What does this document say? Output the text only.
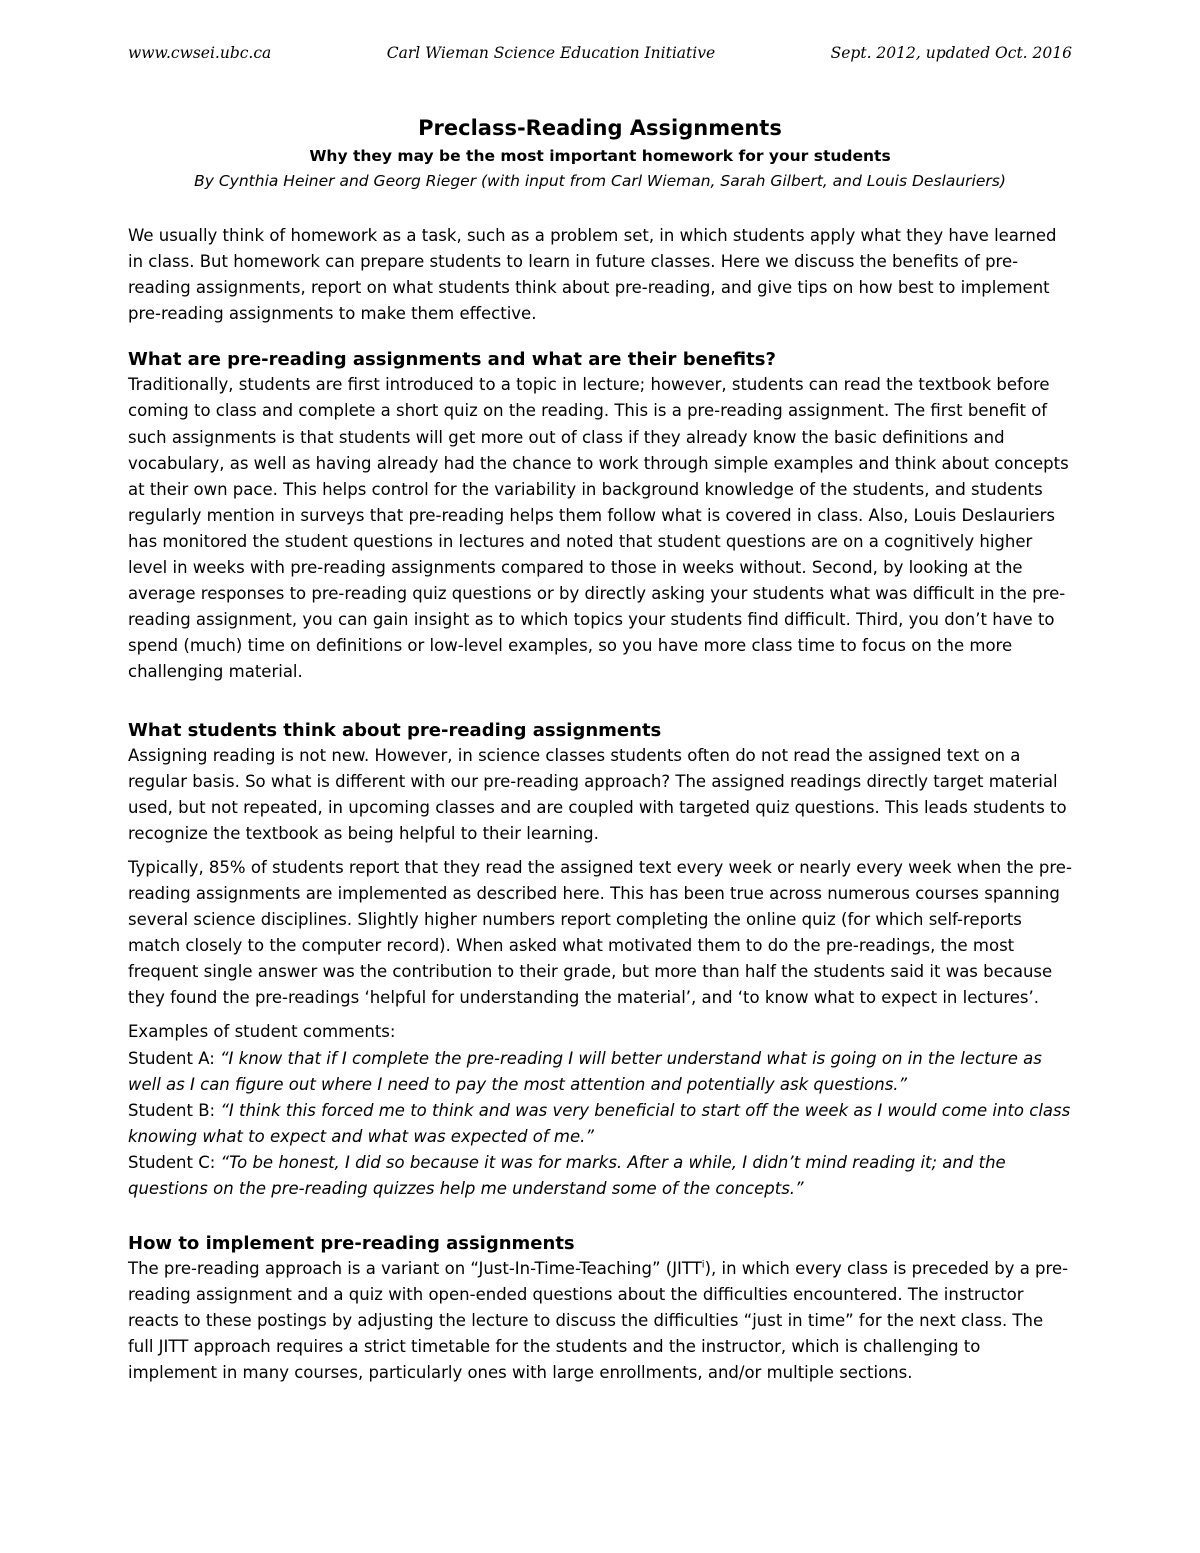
www.cwsei.ubc.ca	Carl Wieman Science Education Initiative	Sept. 2012, updated Oct. 2016
Preclass-Reading Assignments
Why they may be the most important homework for your students
By Cynthia Heiner and Georg Rieger (with input from Carl Wieman, Sarah Gilbert, and Louis Deslauriers)

We usually think of homework as a task, such as a problem set, in which students apply what they have learned in class. But homework can prepare students to learn in future classes. Here we discuss the benefits of pre-reading assignments, report on what students think about pre-reading, and give tips on how best to implement pre-reading assignments to make them effective.

What are pre-reading assignments and what are their benefits?

Traditionally, students are first introduced to a topic in lecture; however, students can read the textbook before coming to class and complete a short quiz on the reading. This is a pre-reading assignment. The first benefit of such assignments is that students will get more out of class if they already know the basic definitions and vocabulary, as well as having already had the chance to work through simple examples and think about concepts at their own pace. This helps control for the variability in background knowledge of the students, and students regularly mention in surveys that pre-reading helps them follow what is covered in class. Also, Louis Deslauriers has monitored the student questions in lectures and noted that student questions are on a cognitively higher level in weeks with pre-reading assignments compared to those in weeks without. Second, by looking at the average responses to pre-reading quiz questions or by directly asking your students what was difficult in the pre-reading assignment, you can gain insight as to which topics your students find difficult. Third, you don’t have to spend (much) time on definitions or low-level examples, so you have more class time to focus on the more challenging material.

What students think about pre-reading assignments

Assigning reading is not new. However, in science classes students often do not read the assigned text on a regular basis. So what is different with our pre-reading approach? The assigned readings directly target material used, but not repeated, in upcoming classes and are coupled with targeted quiz questions. This leads students to recognize the textbook as being helpful to their learning.

Typically, 85% of students report that they read the assigned text every week or nearly every week when the pre-reading assignments are implemented as described here. This has been true across numerous courses spanning several science disciplines. Slightly higher numbers report completing the online quiz (for which self-reports match closely to the computer record). When asked what motivated them to do the pre-readings, the most frequent single answer was the contribution to their grade, but more than half the students said it was because they found the pre-readings ‘helpful for understanding the material’, and ‘to know what to expect in lectures’.

Examples of student comments:

Student A: “I know that if I complete the pre-reading I will better understand what is going on in the lecture as well as I can figure out where I need to pay the most attention and potentially ask questions.”

Student B: “I think this forced me to think and was very beneficial to start off the week as I would come into class knowing what to expect and what was expected of me.”

Student C: “To be honest, I did so because it was for marks. After a while, I didn’t mind reading it; and the questions on the pre-reading quizzes help me understand some of the concepts.”

How to implement pre-reading assignments

The pre-reading approach is a variant on “Just-In-Time-Teaching” (JITT$^i$), in which every class is preceded by a pre-reading assignment and a quiz with open-ended questions about the difficulties encountered. The instructor reacts to these postings by adjusting the lecture to discuss the difficulties “just in time” for the next class. The full JITT approach requires a strict timetable for the students and the instructor, which is challenging to implement in many courses, particularly ones with large enrollments, and/or multiple sections.
